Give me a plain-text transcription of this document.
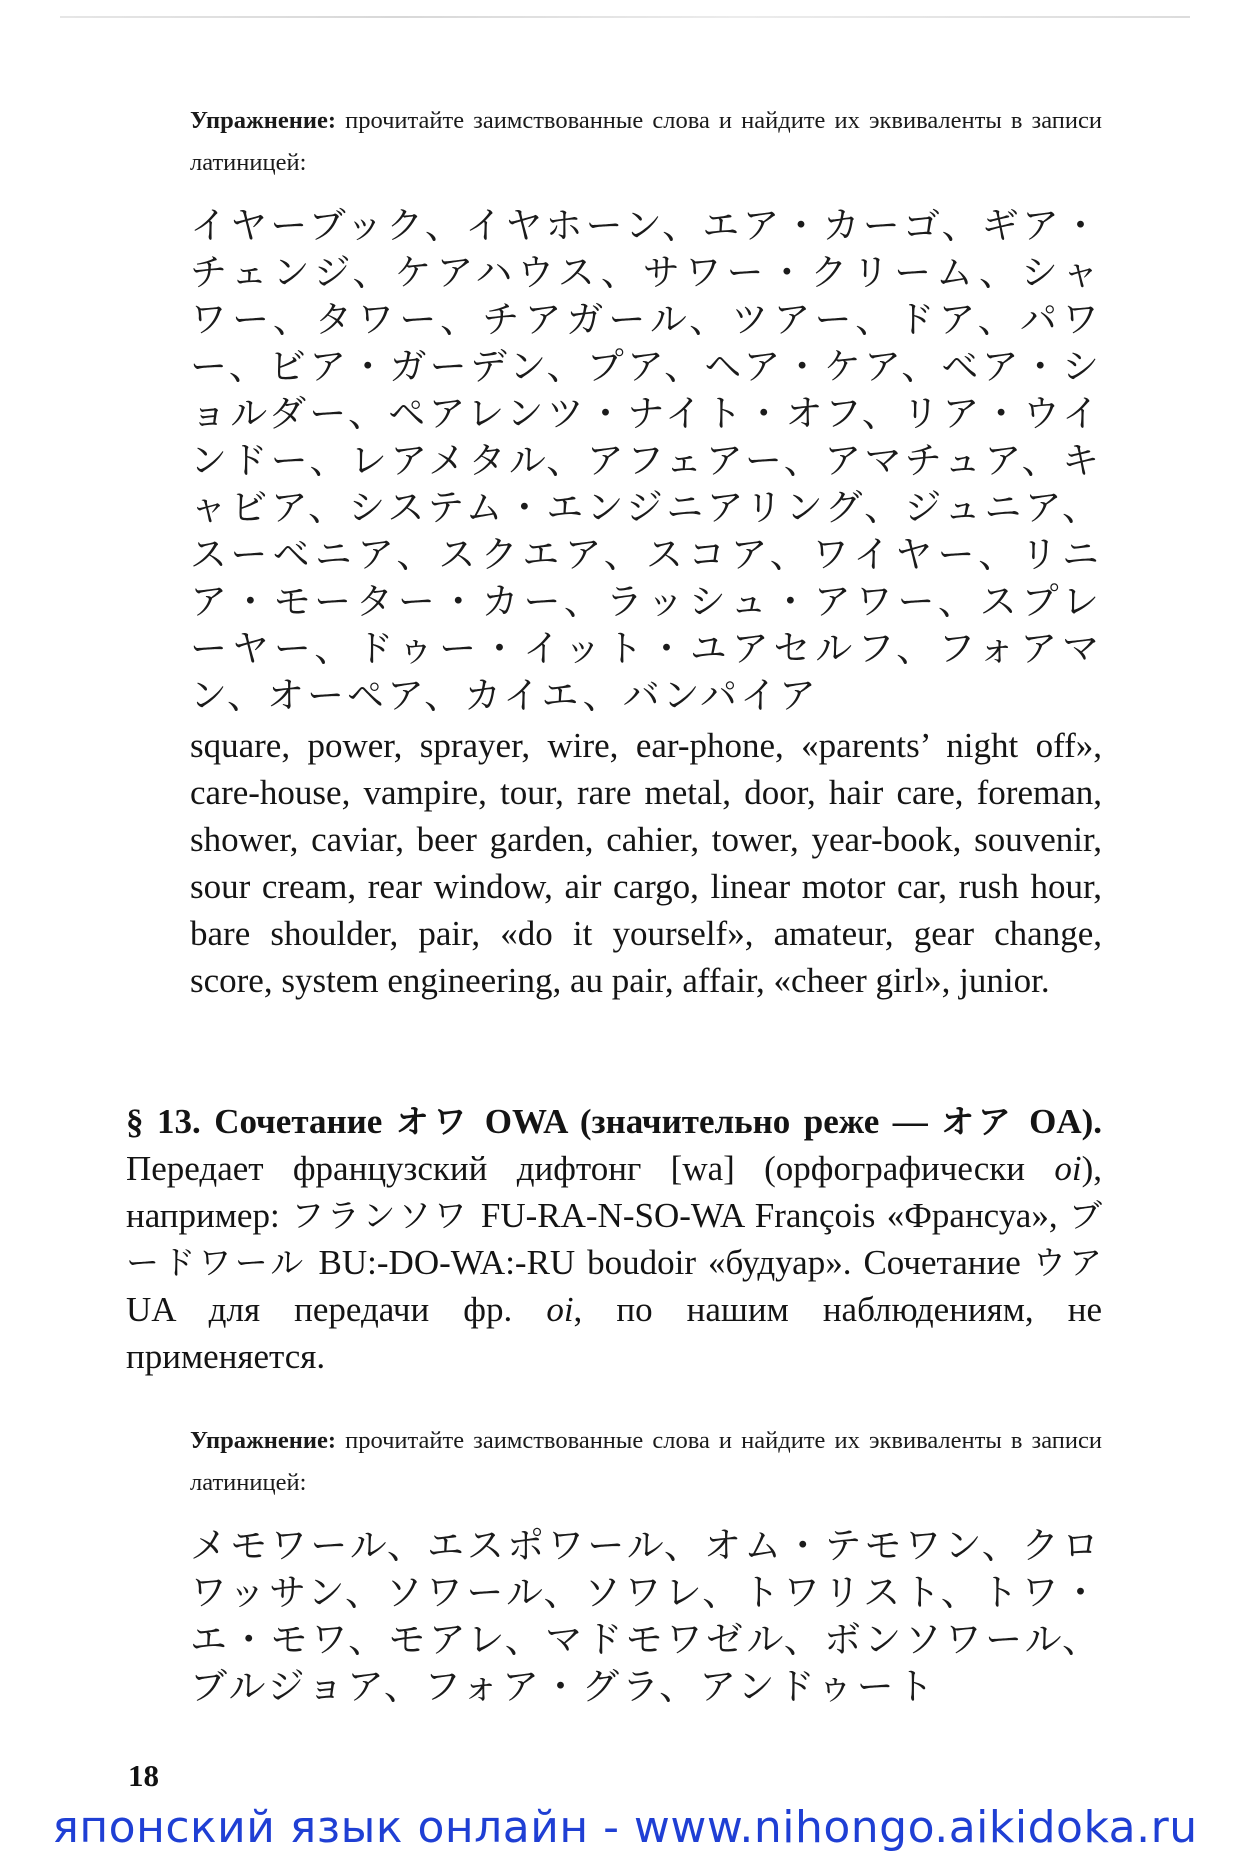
Упражнение: прочитайте заимствованные слова и найдите их эквиваленты в записи латиницей:
イヤーブック、イヤホーン、エア・カーゴ、ギア・チェンジ、ケアハウス、サワー・クリーム、シャワー、タワー、チアガール、ツアー、ドア、パワー、ビア・ガーデン、プア、ヘア・ケア、ベア・ショルダー、ペアレンツ・ナイト・オフ、リア・ウインドー、レアメタル、アフェアー、アマチュア、キャビア、システム・エンジニアリング、ジュニア、スーベニア、スクエア、スコア、ワイヤー、リニア・モーター・カー、ラッシュ・アワー、スプレーヤー、ドゥー・イット・ユアセルフ、フォアマン、オーペア、カイエ、バンパイア
square, power, sprayer, wire, ear-phone, «parents’ night off», care-house, vampire, tour, rare metal, door, hair care, foreman, shower, caviar, beer garden, cahier, tower, year-book, souvenir, sour cream, rear window, air cargo, linear motor car, rush hour, bare shoulder, pair, «do it yourself», amateur, gear change, score, system engineering, au pair, affair, «cheer girl», junior.
§ 13. Сочетание オワ OWA (значительно реже — オア OA). Передает французский дифтонг [wa] (орфографически oi), например: フランソワ FU-RA-N-SO-WA François «Франсуа», ブードワール BU:-DO-WA:-RU boudoir «будуар». Сочетание ウア UA для передачи фр. oi, по нашим наблюдениям, не применяется.
Упражнение: прочитайте заимствованные слова и найдите их эквиваленты в записи латиницей:
メモワール、エスポワール、オム・テモワン、クロワッサン、ソワール、ソワレ、トワリスト、トワ・エ・モワ、モアレ、マドモワゼル、ボンソワール、ブルジョア、フォア・グラ、アンドゥート
18
японский язык онлайн - www.nihongo.aikidoka.ru
